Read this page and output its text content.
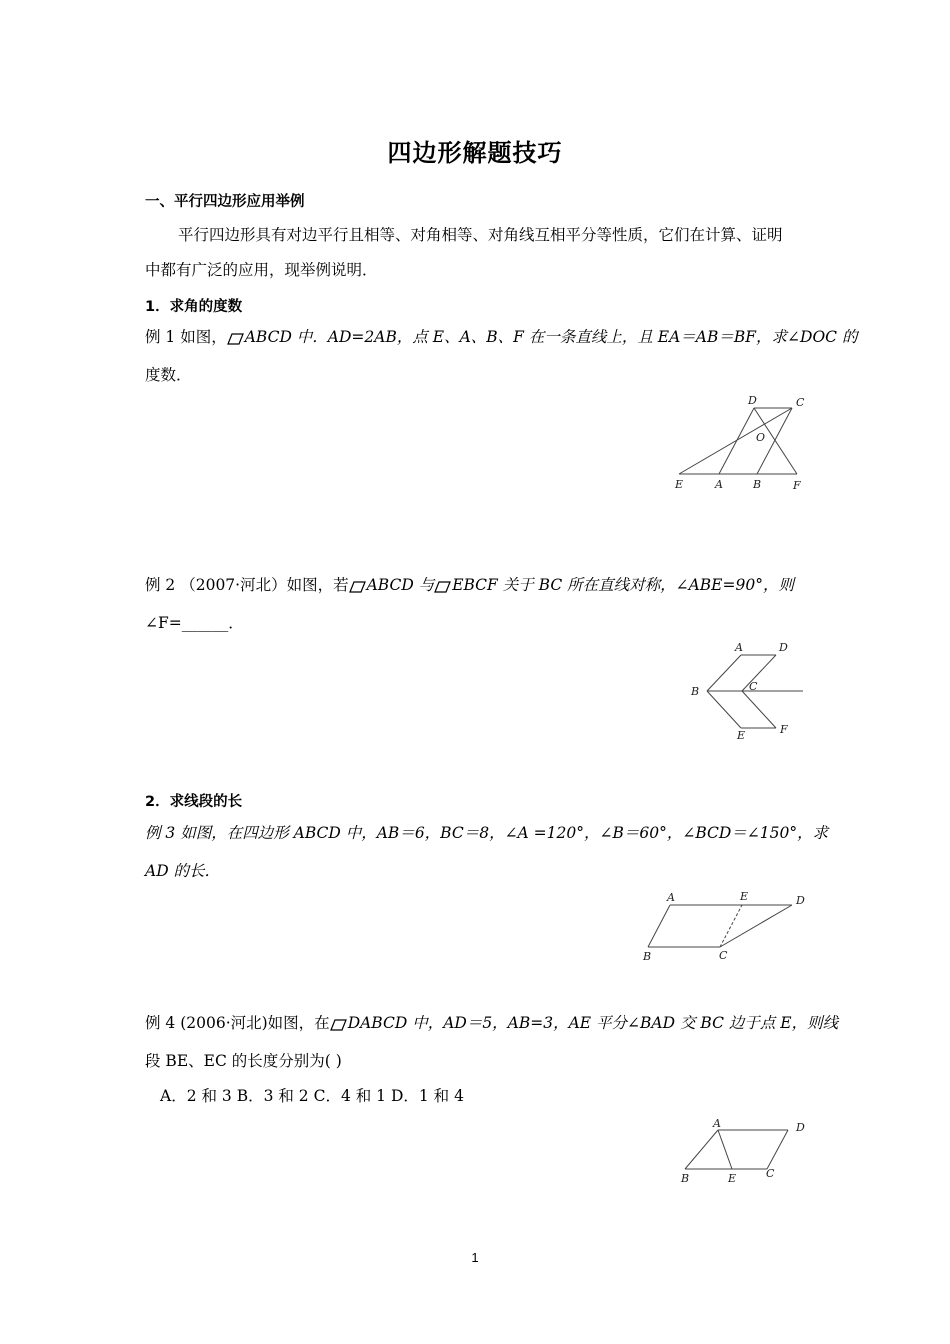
四边形解题技巧
一、平行四边形应用举例
平行四边形具有对边平行且相等、对角相等、对角线互相平分等性质，它们在计算、证明
中都有广泛的应用，现举例说明．
1．求角的度数
例 1 如图， ABCD 中．AD=2AB，点 E、A、B、F 在一条直线上，且 EA＝AB＝BF，求∠DOC 的
度数．
D	C
O
E	A	B	F
例 2 （2007·河北）如图，若 ABCD 与 EBCF 关于 BC 所在直线对称，∠ABE=90°，则
∠F=______．
A	D
B	C
E	F
2．求线段的长
例 3 如图，在四边形 ABCD 中，AB＝6，BC＝8，∠A =120°，∠B＝60°，∠BCD＝∠150°，求
AD 的长．
A	E	D
B	C
例 4 (2006·河北)如图，在 DABCD 中，AD＝5，AB=3，AE 平分∠BAD 交 BC 边于点 E，则线
段 BE、EC 的长度分别为( )
A．2 和 3 B．3 和 2 C．4 和 1 D．1 和 4
A	D
B	E	C
1
